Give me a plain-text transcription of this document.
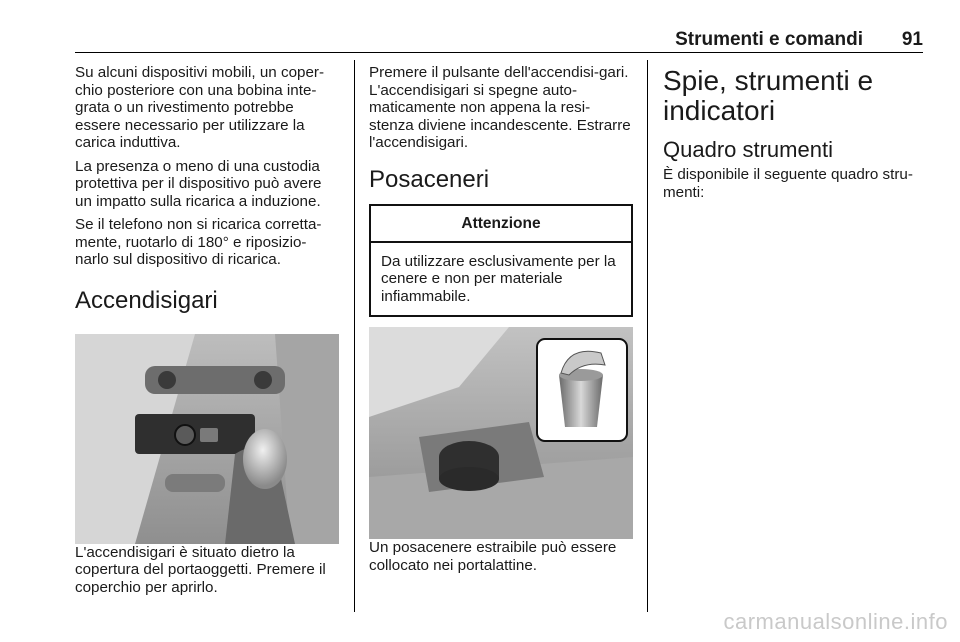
Strumenti e comandi 91

Su alcuni dispositivi mobili, un coper-chio posteriore con una bobina inte-grata o un rivestimento potrebbe essere necessario per utilizzare la carica induttiva.

La presenza o meno di una custodia protettiva per il dispositivo può avere un impatto sulla ricarica a induzione.

Se il telefono non si ricarica corretta-mente, ruotarlo di 180° e riposizio-narlo sul dispositivo di ricarica.

Accendisigari

L'accendisigari è situato dietro la copertura del portaoggetti. Premere il coperchio per aprirlo.

Premere il pulsante dell'accendisi-gari. L'accendisigari si spegne auto-maticamente non appena la resi-stenza diviene incandescente. Estrarre l'accendisigari.

Posaceneri
Attenzione
Da utilizzare esclusivamente per la cenere e non per materiale infiammabile.

Un posacenere estraibile può essere collocato nei portalattine.

Spie, strumenti e indicatori
Quadro strumenti

È disponibile il seguente quadro stru-menti:

carmanualsonline.info
